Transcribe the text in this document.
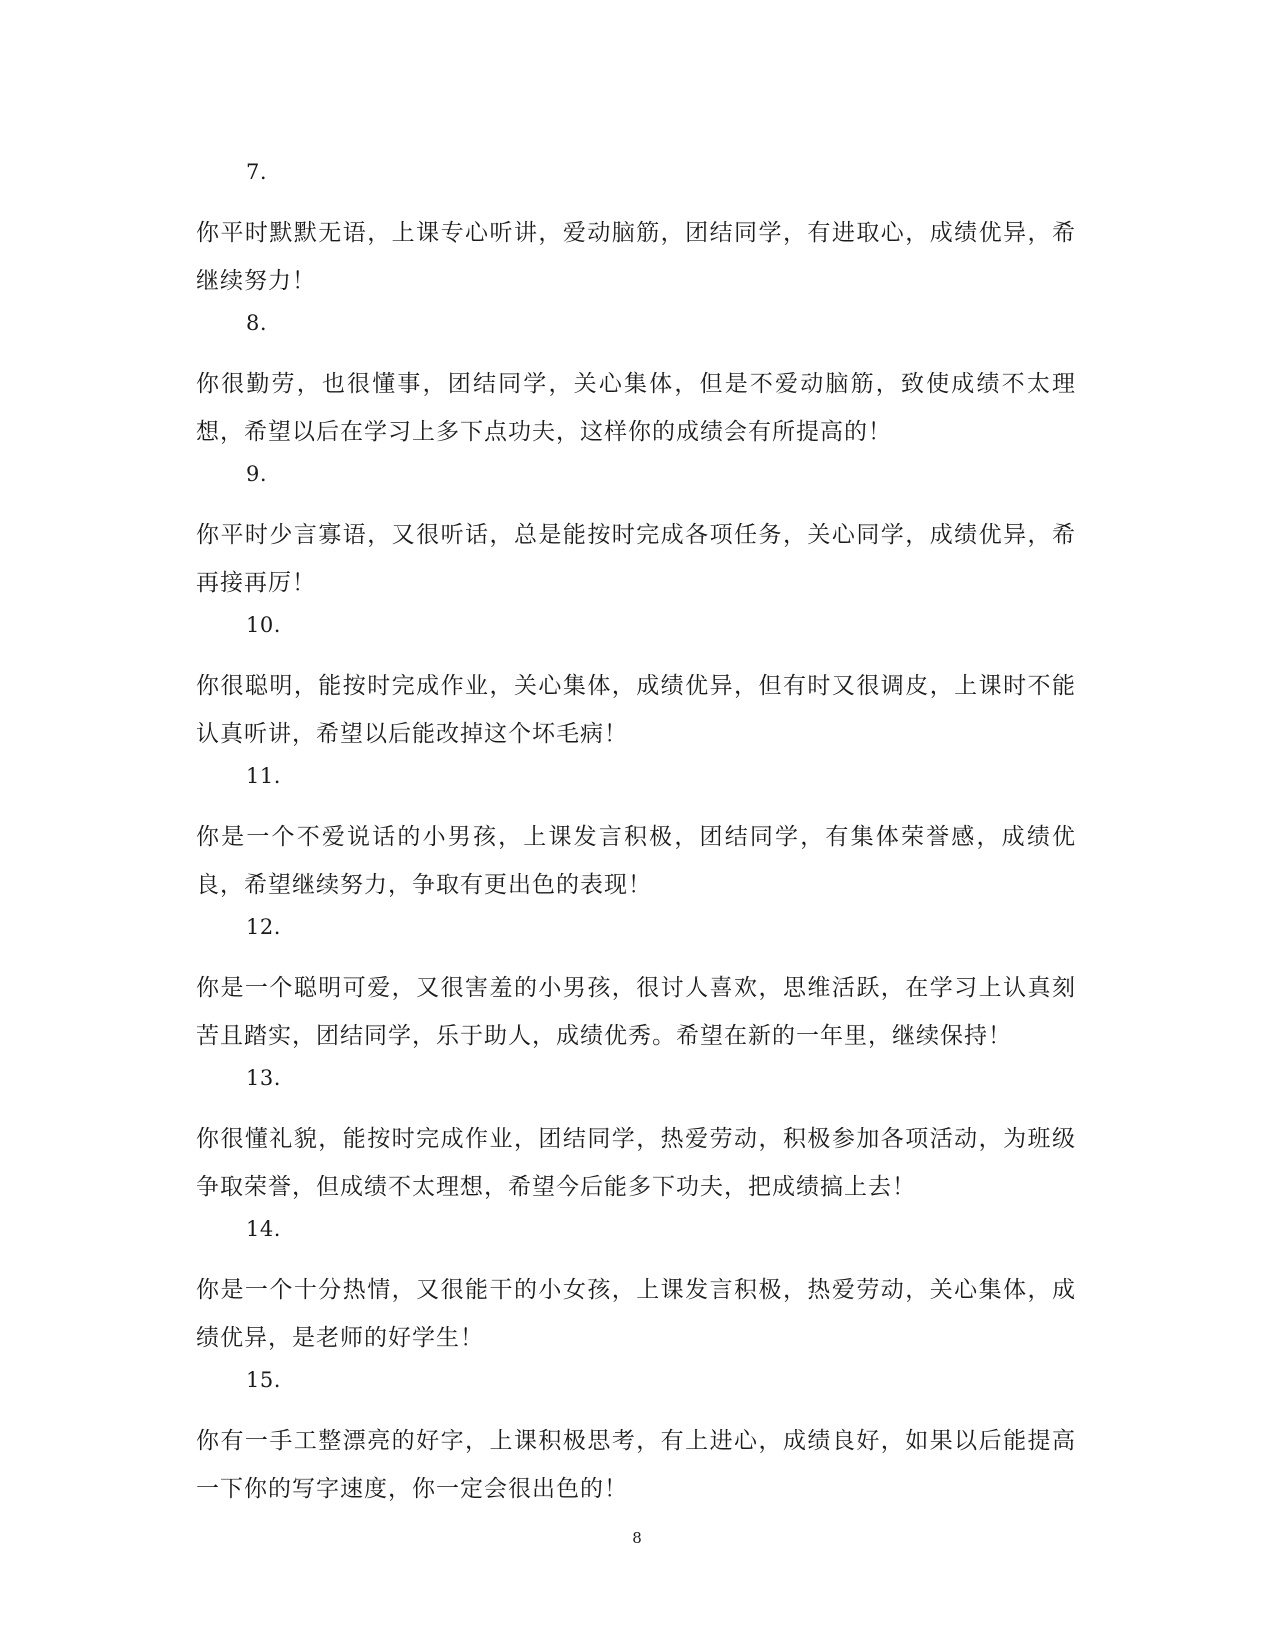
7.

你平时默默无语，上课专心听讲，爱动脑筋，团结同学，有进取心，成绩优异，希继续努力！

8.

你很勤劳，也很懂事，团结同学，关心集体，但是不爱动脑筋，致使成绩不太理想，希望以后在学习上多下点功夫，这样你的成绩会有所提高的！

9.

你平时少言寡语，又很听话，总是能按时完成各项任务，关心同学，成绩优异，希再接再厉！

10.

你很聪明，能按时完成作业，关心集体，成绩优异，但有时又很调皮，上课时不能认真听讲，希望以后能改掉这个坏毛病！

11.

你是一个不爱说话的小男孩，上课发言积极，团结同学，有集体荣誉感，成绩优良，希望继续努力，争取有更出色的表现！

12.

你是一个聪明可爱，又很害羞的小男孩，很讨人喜欢，思维活跃，在学习上认真刻苦且踏实，团结同学，乐于助人，成绩优秀。希望在新的一年里，继续保持！

13.

你很懂礼貌，能按时完成作业，团结同学，热爱劳动，积极参加各项活动，为班级争取荣誉，但成绩不太理想，希望今后能多下功夫，把成绩搞上去！

14.

你是一个十分热情，又很能干的小女孩，上课发言积极，热爱劳动，关心集体，成绩优异，是老师的好学生！

15.

你有一手工整漂亮的好字，上课积极思考，有上进心，成绩良好，如果以后能提高一下你的写字速度，你一定会很出色的！

8
